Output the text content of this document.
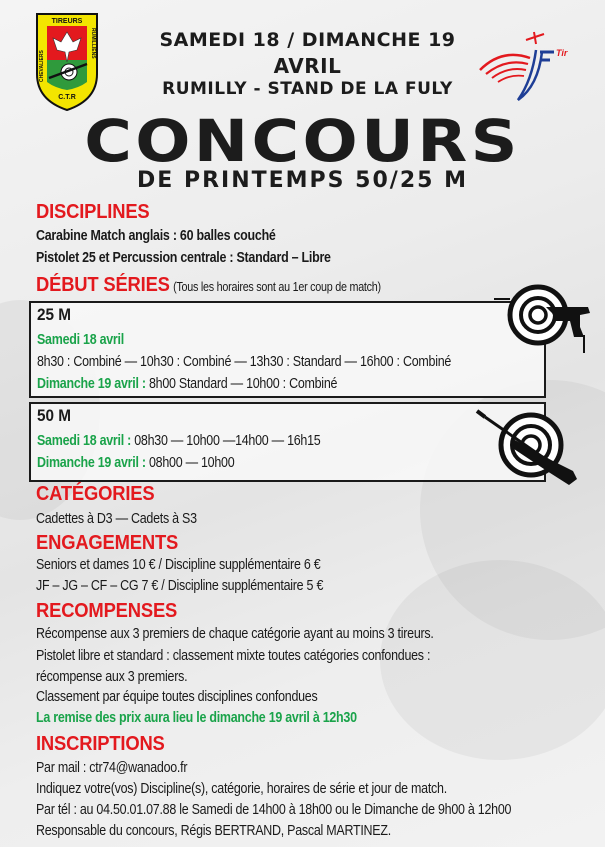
TIREURS
C.T.R
CHEVALIERS
RUMILLIENS	Tir
SAMEDI 18 / DIMANCHE 19
AVRIL
RUMILLY - STAND DE LA FULY
CONCOURS
DE PRINTEMPS 50/25 M
DISCIPLINES
Carabine Match anglais : 60 balles couché
Pistolet 25 et Percussion centrale : Standard – Libre
DÉBUT SÉRIES (Tous les horaires sont au 1er coup de match)
25 M
Samedi 18 avril
8h30 : Combiné — 10h30 : Combiné — 13h30 : Standard — 16h00 : Combiné
Dimanche 19 avril : 8h00 Standard — 10h00 : Combiné
50 M
Samedi 18 avril : 08h30 — 10h00 —14h00 — 16h15
Dimanche 19 avril : 08h00 — 10h00
CATÉGORIES
Cadettes à D3 — Cadets à S3
ENGAGEMENTS
Seniors et dames 10 € / Discipline supplémentaire 6 €
JF – JG – CF – CG 7 € / Discipline supplémentaire 5 €
RECOMPENSES
Récompense aux 3 premiers de chaque catégorie ayant au moins 3 tireurs.
Pistolet libre et standard : classement mixte toutes catégories confondues :
récompense aux 3 premiers.
Classement par équipe toutes disciplines confondues
La remise des prix aura lieu le dimanche 19 avril à 12h30
INSCRIPTIONS
Par mail : ctr74@wanadoo.fr
Indiquez votre(vos) Discipline(s), catégorie, horaires de série et jour de match.
Par tél : au 04.50.01.07.88 le Samedi de 14h00 à 18h00 ou le Dimanche de 9h00 à 12h00
Responsable du concours, Régis BERTRAND, Pascal MARTINEZ.
